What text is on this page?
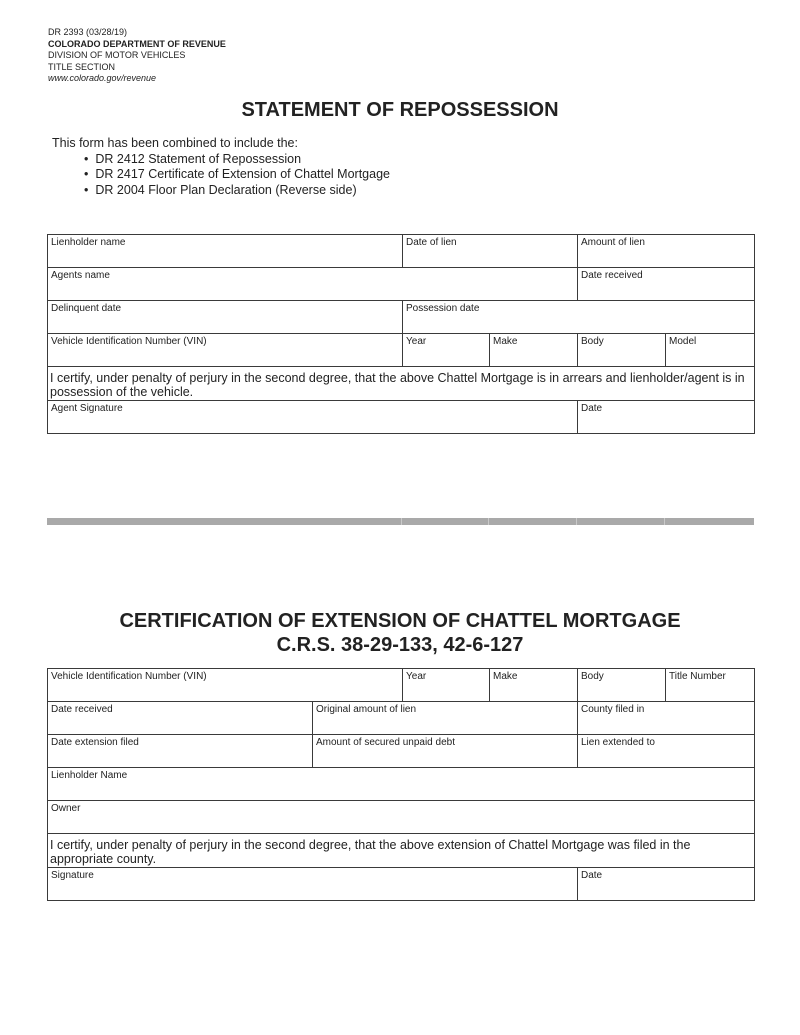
DR 2393 (03/28/19)
COLORADO DEPARTMENT OF REVENUE
DIVISION OF MOTOR VEHICLES
TITLE SECTION
www.colorado.gov/revenue
STATEMENT OF REPOSSESSION
This form has been combined to include the:
• DR 2412 Statement of Repossession
• DR 2417 Certificate of Extension of Chattel Mortgage
• DR 2004 Floor Plan Declaration (Reverse side)
Lienholder name	Date of lien		Amount of lien	
Agents name			Date received	
Delinquent date	Possession date			
Vehicle Identification Number (VIN)	Year	Make	Body	Model
I certify, under penalty of perjury in the second degree, that the above Chattel Mortgage is in arrears and lienholder/agent is in possession of the vehicle.				
Agent Signature			Date	
CERTIFICATION OF EXTENSION OF CHATTEL MORTGAGE
C.R.S. 38-29-133, 42-6-127
Vehicle Identification Number (VIN)		Year	Make	Body	Title Number
Date received	Original amount of lien			County filed in	
Date extension filed	Amount of secured unpaid debt			Lien extended to	
Lienholder Name					
Owner					
I certify, under penalty of perjury in the second degree, that the above extension of Chattel Mortgage was filed in the appropriate county.					
Signature				Date	
